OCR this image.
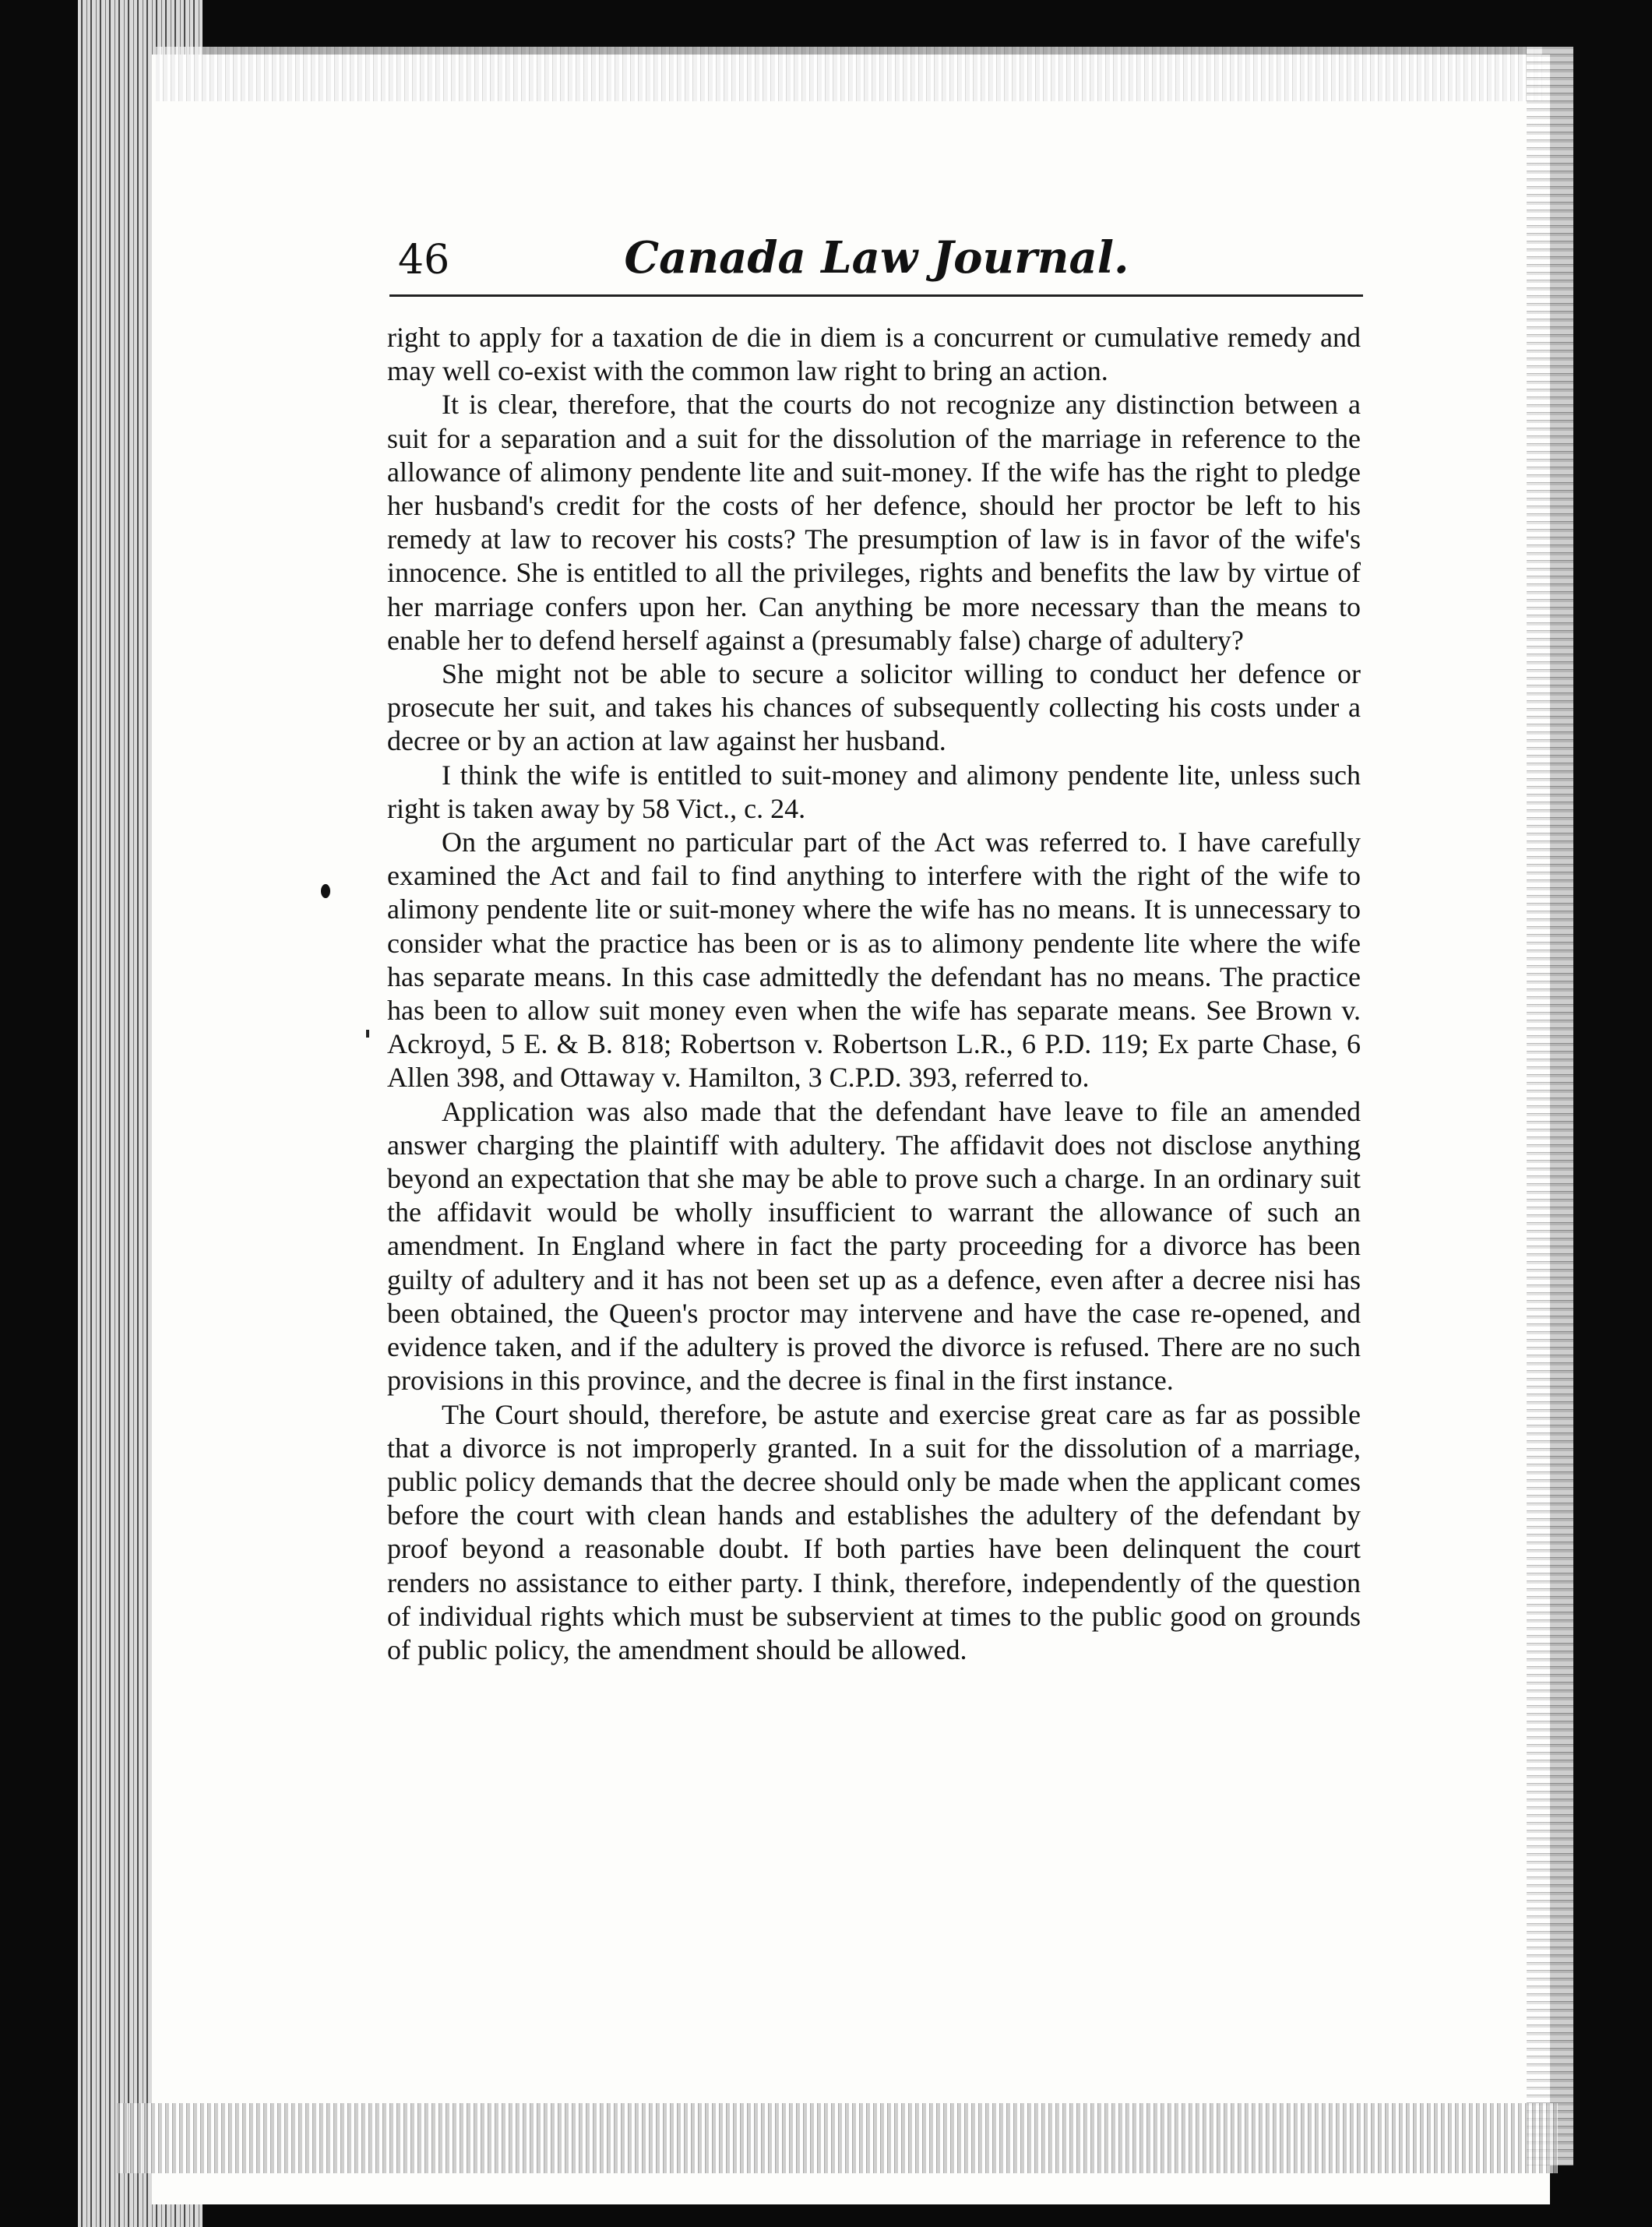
46	Canada Law Journal.

right to apply for a taxation de die in diem is a concurrent or cumulative remedy and may well co-exist with the common law right to bring an action.

It is clear, therefore, that the courts do not recognize any distinction between a suit for a separation and a suit for the dissolution of the marriage in reference to the allowance of alimony pendente lite and suit-money. If the wife has the right to pledge her husband's credit for the costs of her defence, should her proctor be left to his remedy at law to recover his costs? The presumption of law is in favor of the wife's innocence. She is entitled to all the privileges, rights and benefits the law by virtue of her marriage confers upon her. Can anything be more necessary than the means to enable her to defend herself against a (presumably false) charge of adultery?

She might not be able to secure a solicitor willing to conduct her defence or prosecute her suit, and takes his chances of subsequently collecting his costs under a decree or by an action at law against her husband.

I think the wife is entitled to suit-money and alimony pendente lite, unless such right is taken away by 58 Vict., c. 24.

On the argument no particular part of the Act was referred to. I have carefully examined the Act and fail to find anything to interfere with the right of the wife to alimony pendente lite or suit-money where the wife has no means. It is unnecessary to consider what the practice has been or is as to alimony pendente lite where the wife has separate means. In this case admittedly the defendant has no means. The practice has been to allow suit money even when the wife has separate means. See Brown v. Ackroyd, 5 E. & B. 818; Robertson v. Robertson L.R., 6 P.D. 119; Ex parte Chase, 6 Allen 398, and Ottaway v. Hamilton, 3 C.P.D. 393, referred to.

Application was also made that the defendant have leave to file an amended answer charging the plaintiff with adultery. The affidavit does not disclose anything beyond an expectation that she may be able to prove such a charge. In an ordinary suit the affidavit would be wholly insufficient to warrant the allowance of such an amendment. In England where in fact the party proceeding for a divorce has been guilty of adultery and it has not been set up as a defence, even after a decree nisi has been obtained, the Queen's proctor may intervene and have the case re-opened, and evidence taken, and if the adultery is proved the divorce is refused. There are no such provisions in this province, and the decree is final in the first instance.

The Court should, therefore, be astute and exercise great care as far as possible that a divorce is not improperly granted. In a suit for the dissolution of a marriage, public policy demands that the decree should only be made when the applicant comes before the court with clean hands and establishes the adultery of the defendant by proof beyond a reasonable doubt. If both parties have been delinquent the court renders no assistance to either party. I think, therefore, independently of the question of individual rights which must be subservient at times to the public good on grounds of public policy, the amendment should be allowed.
